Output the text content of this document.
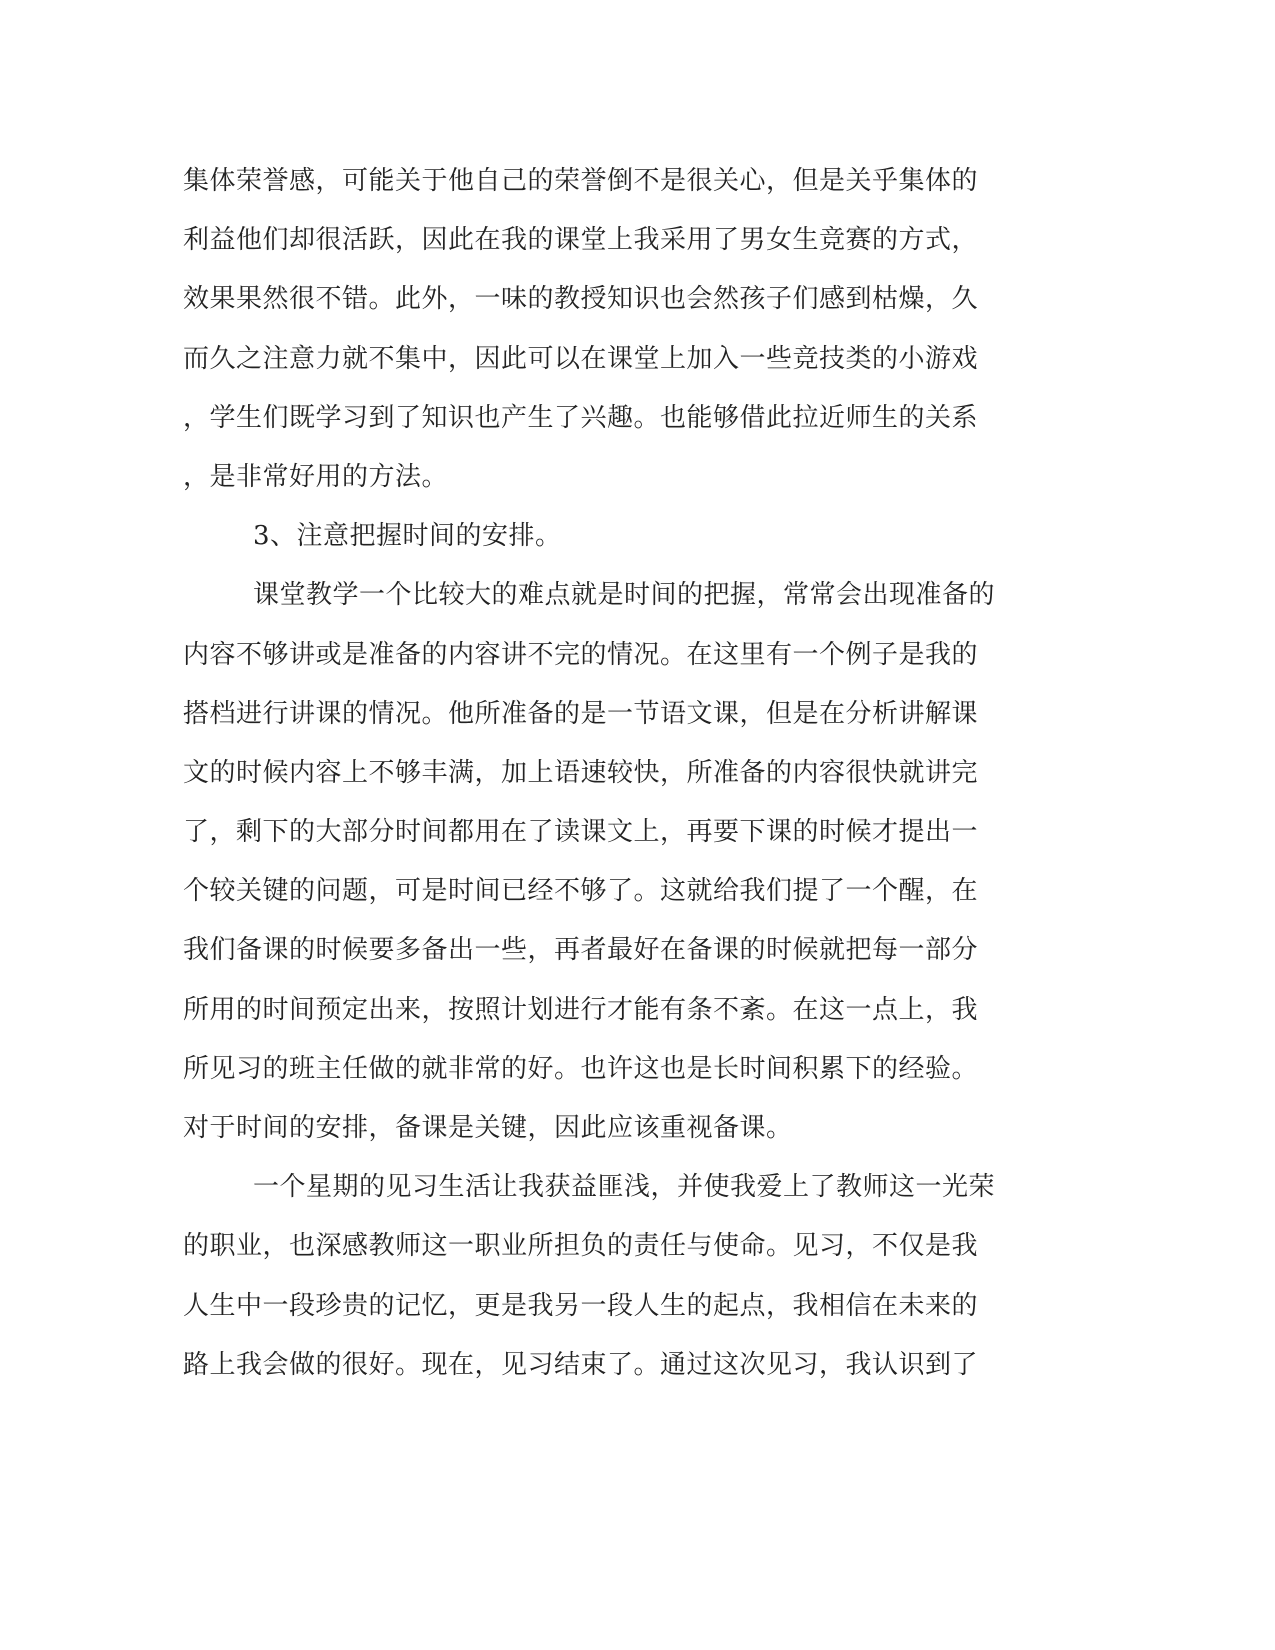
集体荣誉感，可能关于他自己的荣誉倒不是很关心，但是关乎集体的
利益他们却很活跃，因此在我的课堂上我采用了男女生竞赛的方式，
效果果然很不错。此外，一味的教授知识也会然孩子们感到枯燥，久
而久之注意力就不集中，因此可以在课堂上加入一些竞技类的小游戏
，学生们既学习到了知识也产生了兴趣。也能够借此拉近师生的关系
，是非常好用的方法。
3、注意把握时间的安排。
课堂教学一个比较大的难点就是时间的把握，常常会出现准备的
内容不够讲或是准备的内容讲不完的情况。在这里有一个例子是我的
搭档进行讲课的情况。他所准备的是一节语文课，但是在分析讲解课
文的时候内容上不够丰满，加上语速较快，所准备的内容很快就讲完
了，剩下的大部分时间都用在了读课文上，再要下课的时候才提出一
个较关键的问题，可是时间已经不够了。这就给我们提了一个醒，在
我们备课的时候要多备出一些，再者最好在备课的时候就把每一部分
所用的时间预定出来，按照计划进行才能有条不紊。在这一点上，我
所见习的班主任做的就非常的好。也许这也是长时间积累下的经验。
对于时间的安排，备课是关键，因此应该重视备课。
一个星期的见习生活让我获益匪浅，并使我爱上了教师这一光荣
的职业，也深感教师这一职业所担负的责任与使命。见习，不仅是我
人生中一段珍贵的记忆，更是我另一段人生的起点，我相信在未来的
路上我会做的很好。现在，见习结束了。通过这次见习，我认识到了
